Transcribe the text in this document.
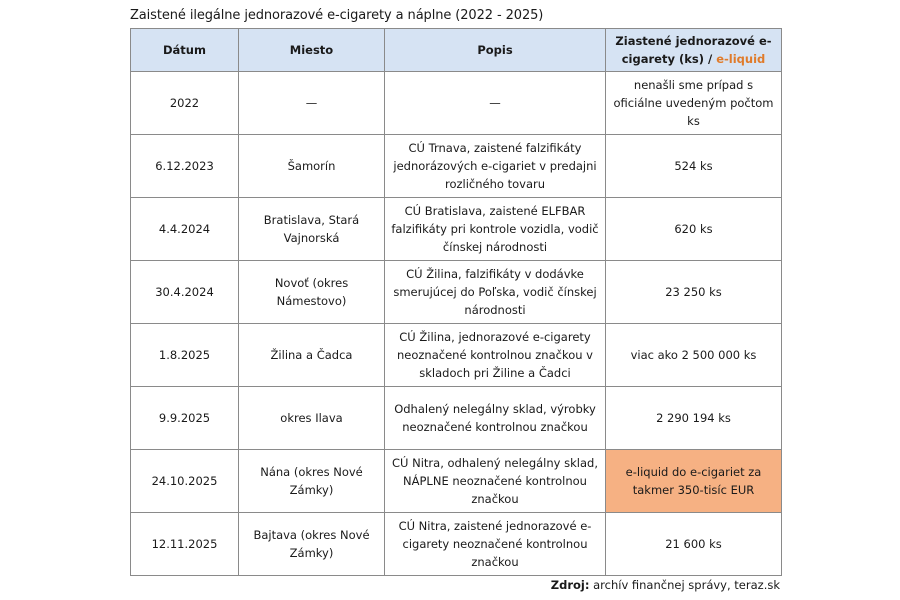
Zaistené ilegálne jednorazové e-cigarety a náplne (2022 - 2025)
Dátum	Miesto	Popis	Ziastené jednorazové e-cigarety (ks) / e-liquid
2022	—	—	nenašli sme prípad s oficiálne uvedeným počtom ks
6.12.2023	Šamorín	CÚ Trnava, zaistené falzifikáty jednorázových e-cigariet v predajni rozličného tovaru	524 ks
4.4.2024	Bratislava, Stará Vajnorská	CÚ Bratislava, zaistené ELFBAR falzifikáty pri kontrole vozidla, vodič čínskej národnosti	620 ks
30.4.2024	Novoť (okres Námestovo)	CÚ Žilina, falzifikáty v dodávke smerujúcej do Poľska, vodič čínskej národnosti	23 250 ks
1.8.2025	Žilina a Čadca	CÚ Žilina, jednorazové e-cigarety neoznačené kontrolnou značkou v skladoch pri Žiline a Čadci	viac ako 2 500 000 ks
9.9.2025	okres Ilava	Odhalený nelegálny sklad, výrobky neoznačené kontrolnou značkou	2 290 194 ks
24.10.2025	Nána (okres Nové Zámky)	CÚ Nitra, odhalený nelegálny sklad, NÁPLNE neoznačené kontrolnou značkou	e-liquid do e-cigariet za takmer 350-tisíc EUR
12.11.2025	Bajtava (okres Nové Zámky)	CÚ Nitra, zaistené jednorazové e-cigarety neoznačené kontrolnou značkou	21 600 ks
Zdroj: archív finančnej správy, teraz.sk
